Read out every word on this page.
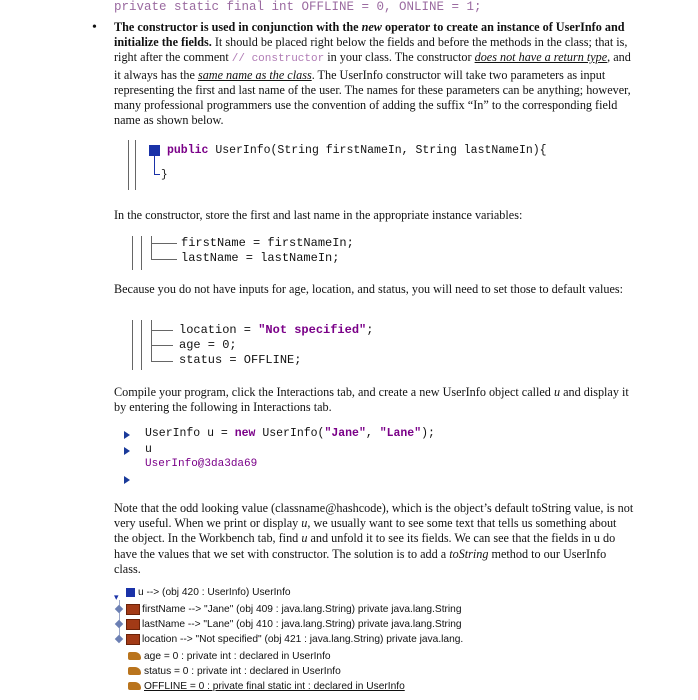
private static final int OFFLINE = 0, ONLINE = 1;
• The constructor is used in conjunction with the new operator to create an instance of UserInfo and initialize the fields. It should be placed right below the fields and before the methods in the class; that is, right after the comment // constructor in your class. The constructor does not have a return type, and it always has the same name as the class. The UserInfo constructor will take two parameters as input representing the first and last name of the user. The names for these parameters can be anything; however, many professional programmers use the convention of adding the suffix “In” to the corresponding field name as shown below.
public UserInfo(String firstNameIn, String lastNameIn){
}
In the constructor, store the first and last name in the appropriate instance variables:
firstName = firstNameIn;
lastName = lastNameIn;
Because you do not have inputs for age, location, and status, you will need to set those to default values:
location = "Not specified";
age = 0;
status = OFFLINE;
Compile your program, click the Interactions tab, and create a new UserInfo object called u and display it by entering the following in Interactions tab.
UserInfo u = new UserInfo("Jane", "Lane");
u
UserInfo@3da3da69
Note that the odd looking value (classname@hashcode), which is the object’s default toString value, is not very useful. When we print or display u, we usually want to see some text that tells us something about the object. In the Workbench tab, find u and unfold it to see its fields. We can see that the fields in u do have the values that we set with constructor. The solution is to add a toString method to our UserInfo class.
▾	u --> (obj 420 : UserInfo) UserInfo
firstName --> "Jane" (obj 409 : java.lang.String) private java.lang.String
lastName --> "Lane" (obj 410 : java.lang.String) private java.lang.String
location --> "Not specified" (obj 421 : java.lang.String) private java.lang.
age = 0 : private int : declared in UserInfo
status = 0 : private int : declared in UserInfo
OFFLINE = 0 : private final static int : declared in UserInfo
